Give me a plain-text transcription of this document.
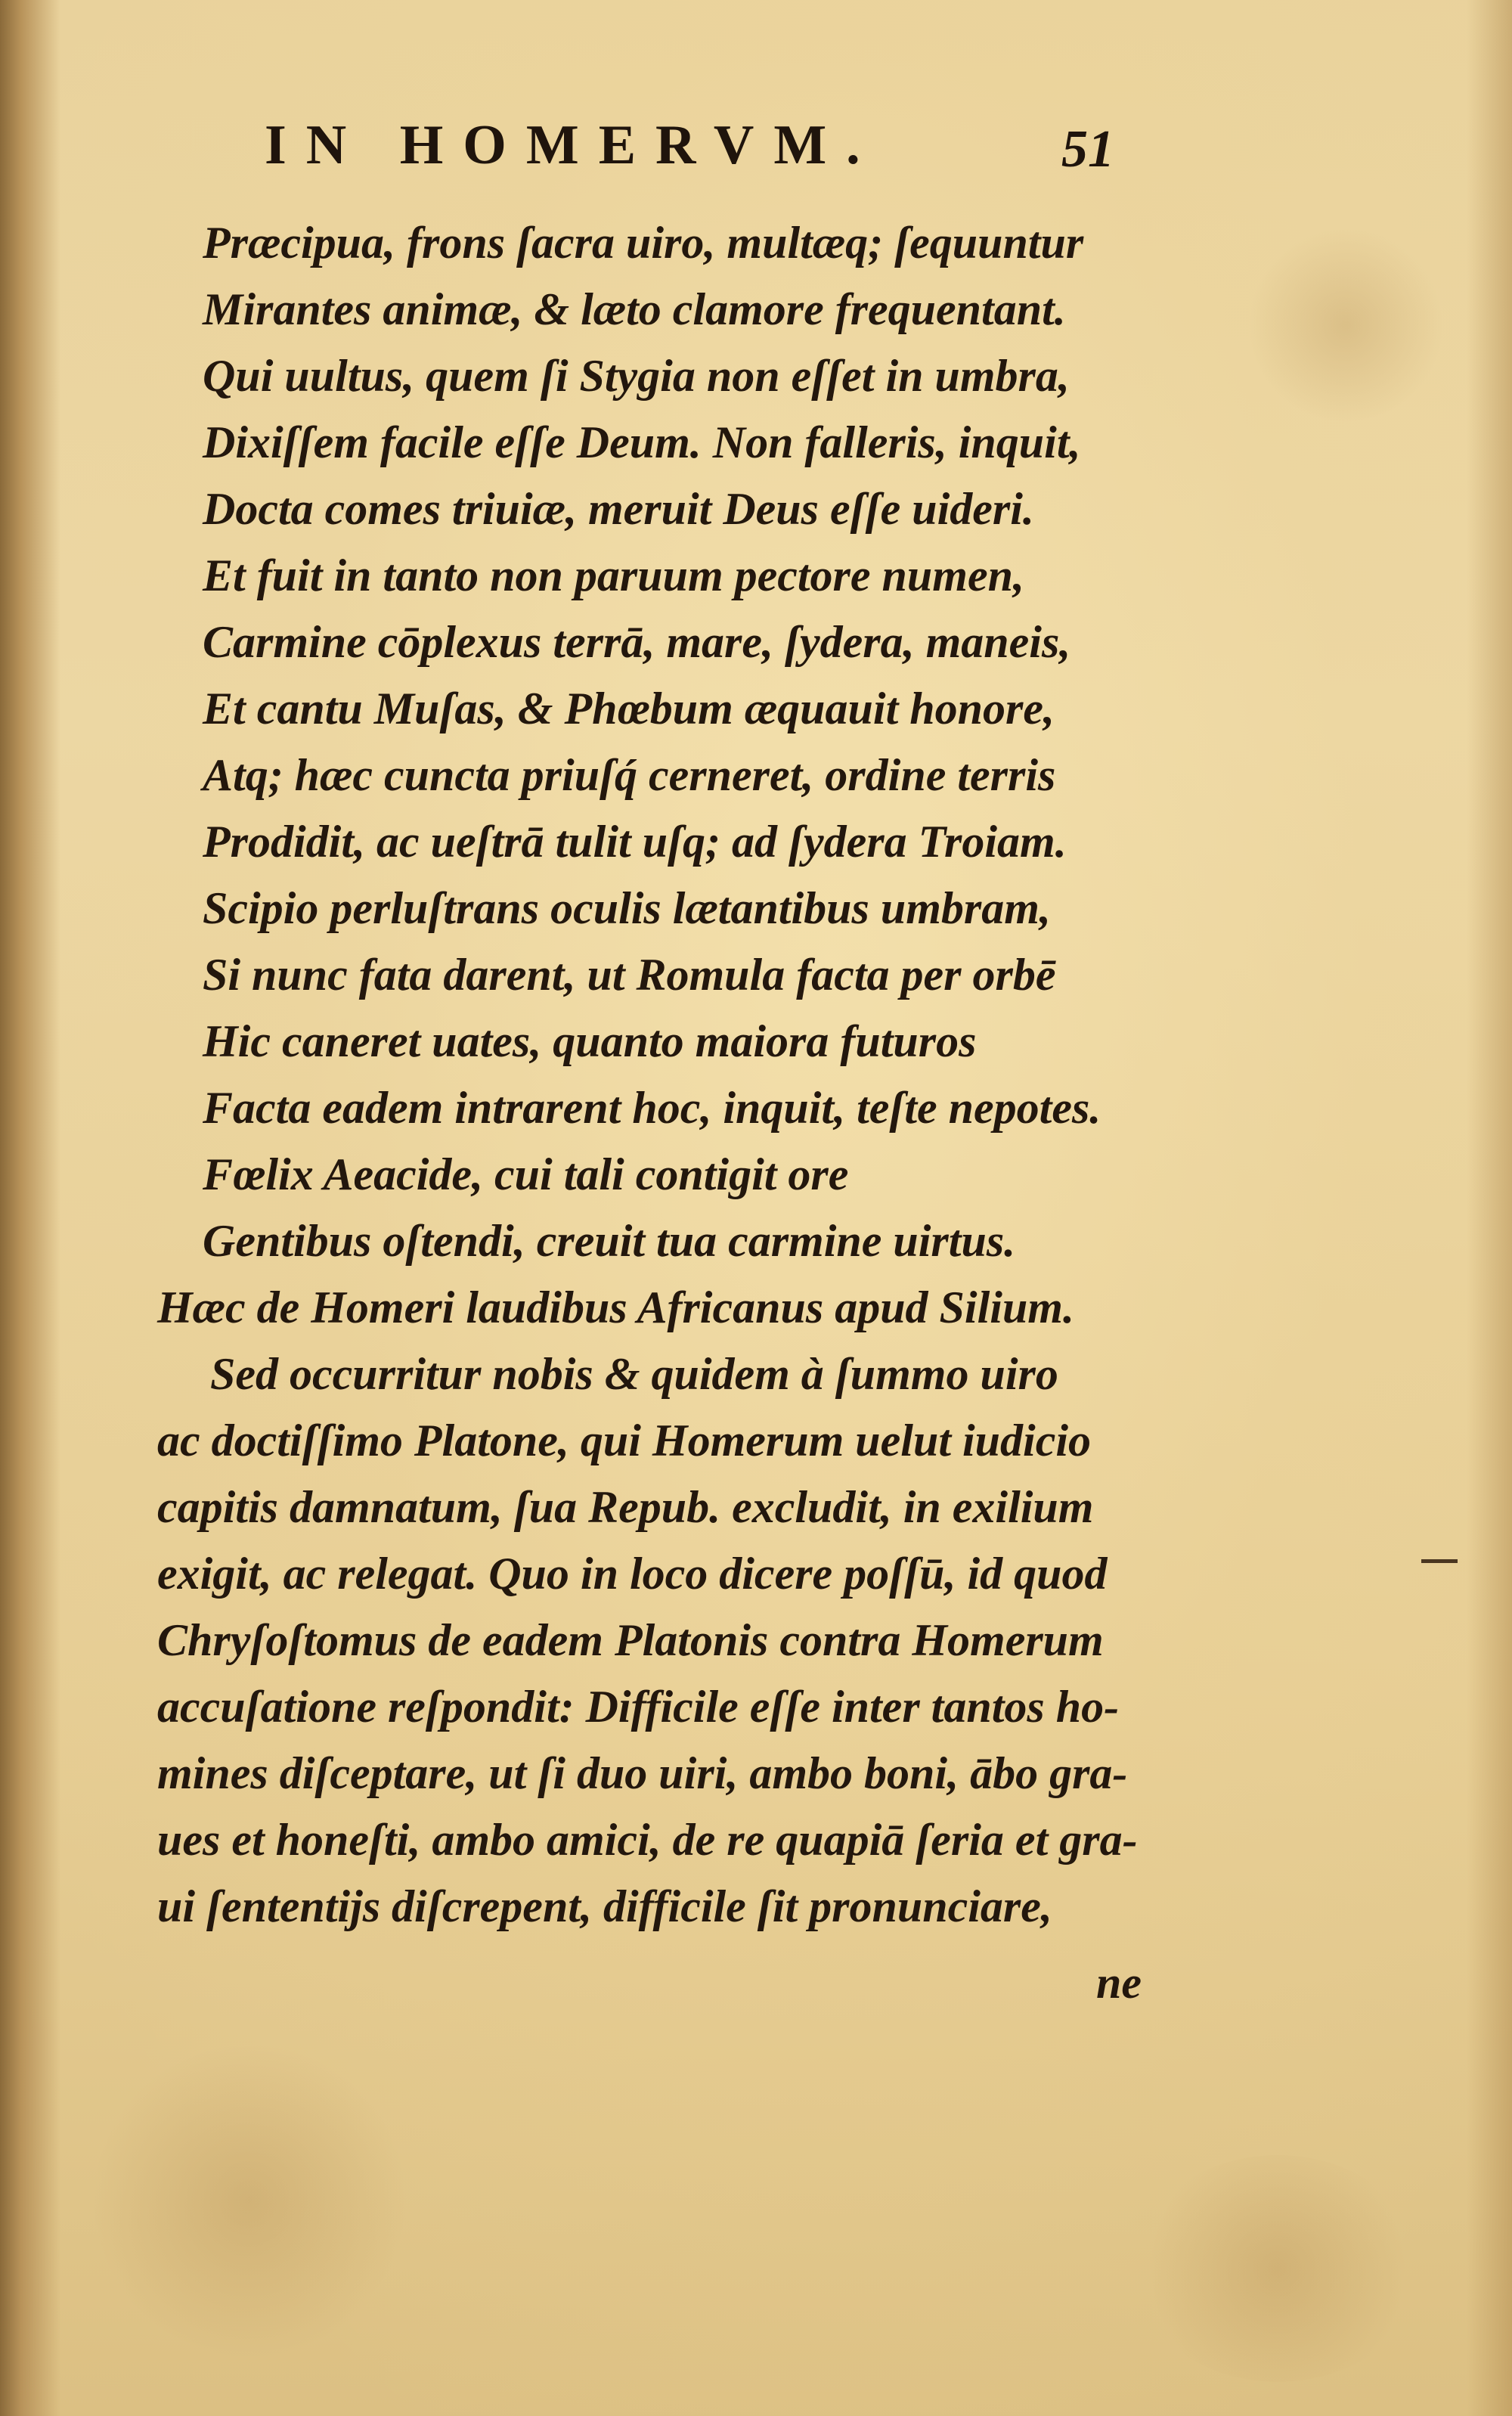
IN HOMERVM.	51
Præcipua, frons ſacra uiro, multæq; ſequuntur
Mirantes animæ, & læto clamore frequentant.
Qui uultus, quem ſi Stygia non eſſet in umbra,
Dixiſſem facile eſſe Deum. Non falleris, inquit,
Docta comes triuiæ, meruit Deus eſſe uideri.
Et fuit in tanto non paruum pectore numen,
Carmine cōplexus terrā, mare, ſydera, maneis,
Et cantu Muſas, & Phœbum æquauit honore,
Atq; hæc cuncta priuſq́ cerneret, ordine terris
Prodidit, ac ueſtrā tulit uſq; ad ſydera Troiam.
Scipio perluſtrans oculis lætantibus umbram,
Si nunc fata darent, ut Romula facta per orbē
Hic caneret uates, quanto maiora futuros
Facta eadem intrarent hoc, inquit, teſte nepotes.
Fœlix Aeacide, cui tali contigit ore
Gentibus oſtendi, creuit tua carmine uirtus.
Hæc de Homeri laudibus Africanus apud Silium.
Sed occurritur nobis & quidem à ſummo uiro
ac doctiſſimo Platone, qui Homerum uelut iudicio
capitis damnatum, ſua Repub. excludit, in exilium
exigit, ac relegat. Quo in loco dicere poſſū, id quod
Chryſoſtomus de eadem Platonis contra Homerum
accuſatione reſpondit: Difficile eſſe inter tantos ho-
mines diſceptare, ut ſi duo uiri, ambo boni, ābo gra-
ues et honeſti, ambo amici, de re quapiā ſeria et gra-
ui ſententijs diſcrepent, difficile ſit pronunciare,
ne
